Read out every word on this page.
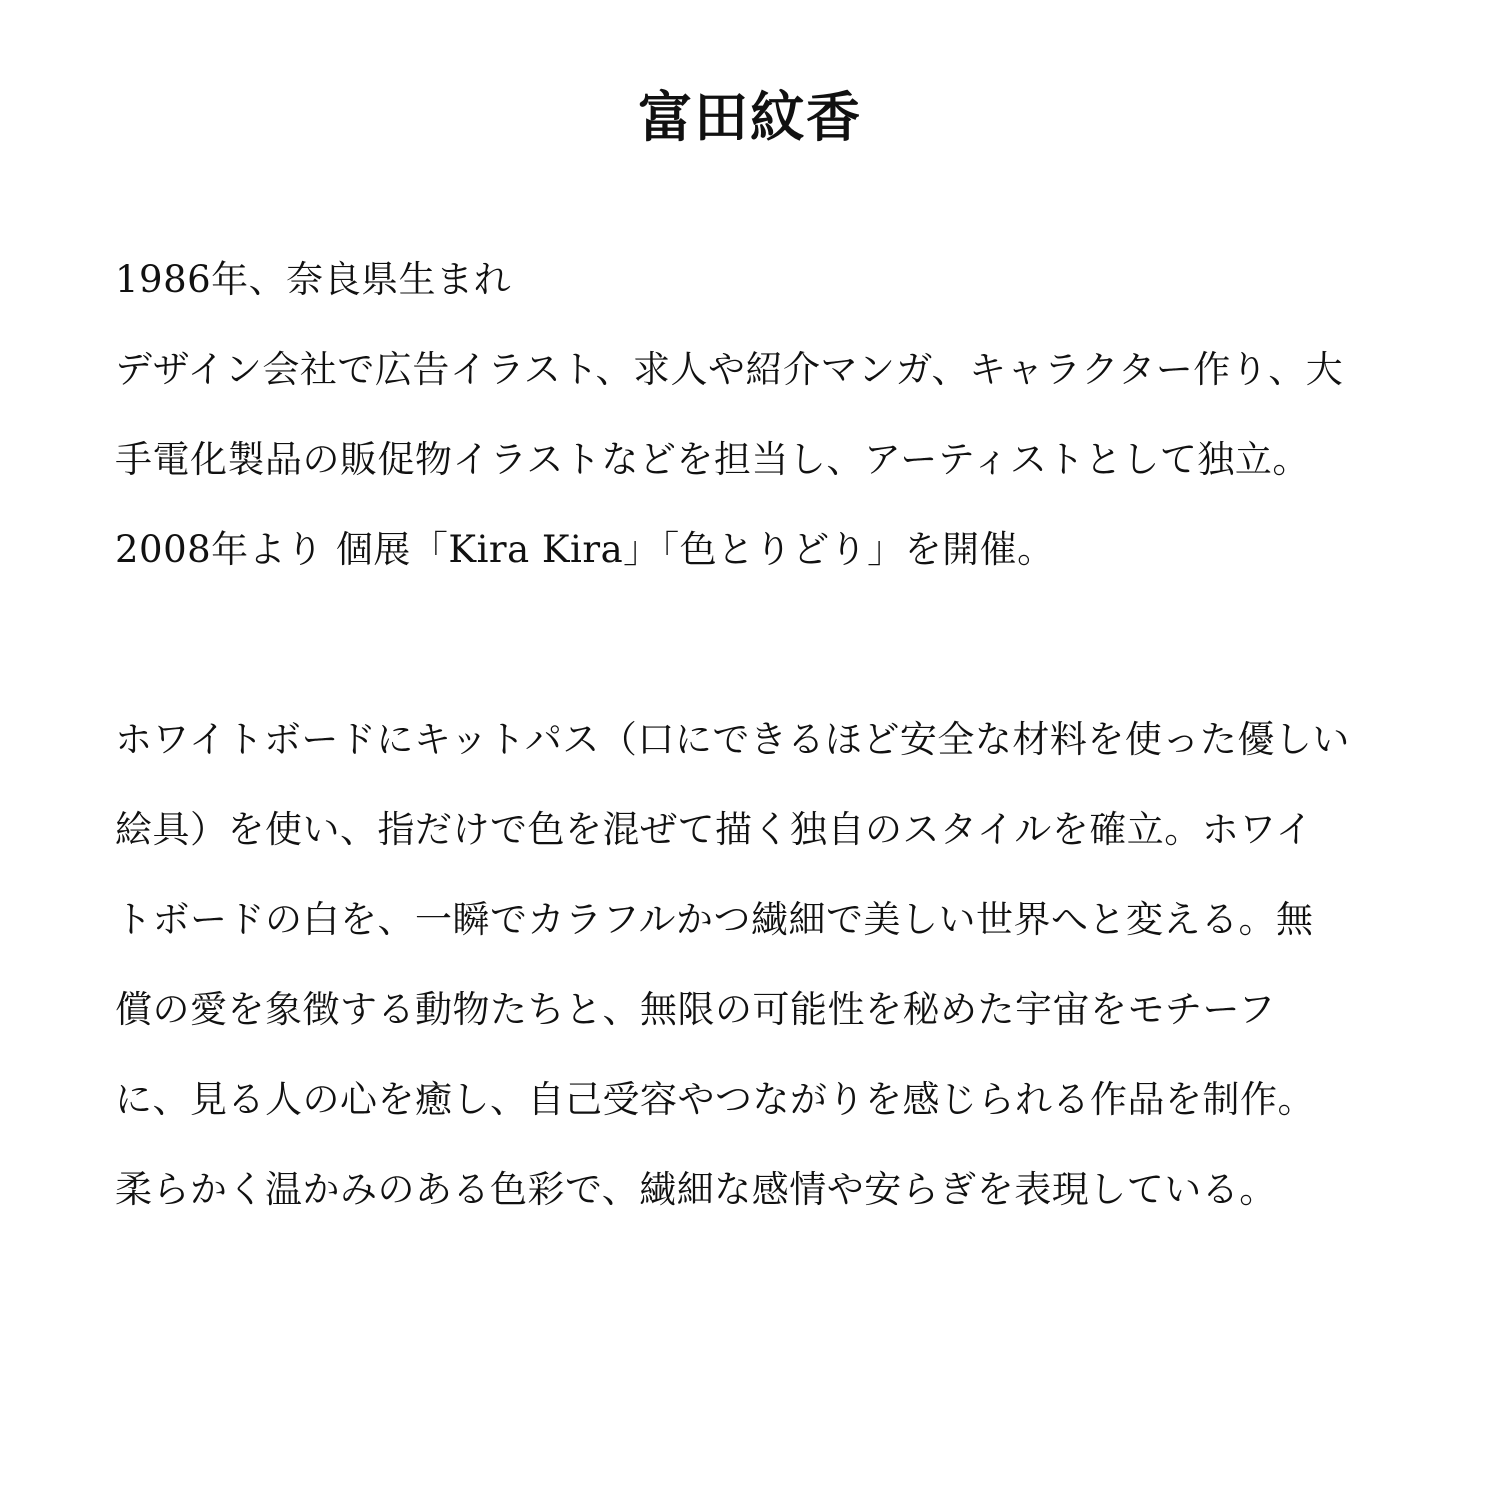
富田紋香
1986年、奈良県生まれ
デザイン会社で広告イラスト、求人や紹介マンガ、キャラクター作り、大
手電化製品の販促物イラストなどを担当し、アーティストとして独立。
2008年より 個展「Kira Kira」「色とりどり」を開催。
ホワイトボードにキットパス（口にできるほど安全な材料を使った優しい
絵具）を使い、指だけで色を混ぜて描く独自のスタイルを確立。ホワイ
トボードの白を、一瞬でカラフルかつ繊細で美しい世界へと変える。無
償の愛を象徴する動物たちと、無限の可能性を秘めた宇宙をモチーフ
に、見る人の心を癒し、自己受容やつながりを感じられる作品を制作。
柔らかく温かみのある色彩で、繊細な感情や安らぎを表現している。
